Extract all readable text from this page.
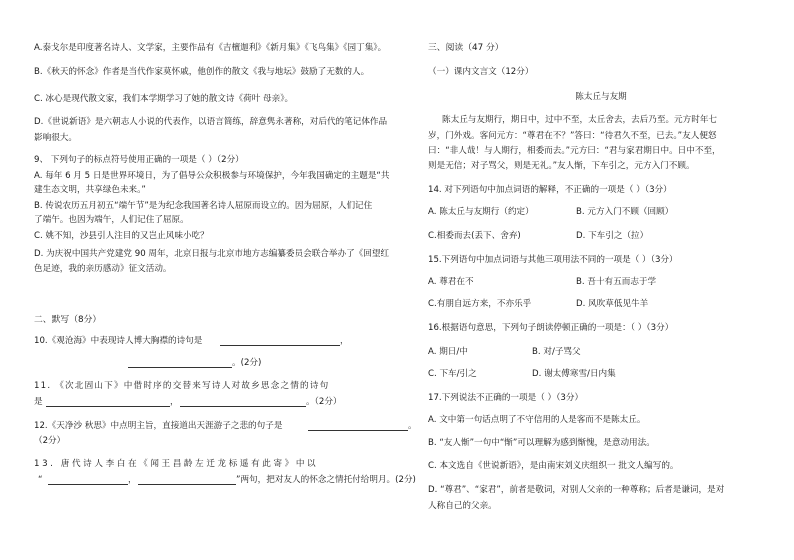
A.泰戈尔是印度著名诗人、文学家，主要作品有《吉檀迦利》《新月集》《飞鸟集》《园丁集》。
B.《秋天的怀念》作者是当代作家莫怀戚，他创作的散文《我与地坛》鼓励了无数的人。
C. 冰心是现代散文家，我们本学期学习了她的散文诗《荷叶 母亲》。
D.《世说新语》是六朝志人小说的代表作，以语言简练，辞意隽永著称，对后代的笔记体作品
影响很大。
9、 下列句子的标点符号使用正确的一项是（ ）（2分）
A. 每年 6 月 5 日是世界环境日，为了倡导公众积极参与环境保护，今年我国确定的主题是“共
建生态文明，共享绿色未来。”
B. 传说农历五月初五“端午节”是为纪念我国著名诗人屈原而设立的。因为屈原，人们记住
了端午。也因为端午，人们记住了屈原。
C. 姚不知，沙县引人注目的又岂止风味小吃？
D. 为庆祝中国共产党建党 90 周年，北京日报与北京市地方志编纂委员会联合举办了《回望红
色足迹，我的亲历感动》征文活动。
二、默写（8分）
10.《观沧海》中表现诗人博大胸襟的诗句是	，
。(2分)
11. 《次北固山下》中借时序的交替来写诗人对故乡思念之情的诗句
是	，	。（2分）
12.《天净沙 秋思》中点明主旨，直接道出天涯游子之悲的句子是	。
（2分）
13. 唐代诗人李白在《闻王昌龄左迁龙标遥有此寄》中以
“	，	”两句，把对友人的怀念之情托付给明月。(2分)
三、阅读（47 分）
（一）课内文言文（12分）
陈太丘与友期
陈太丘与友期行，期日中，过中不至，太丘舍去，去后乃至。元方时年七
岁，门外戏。客问元方：“尊君在不？”答曰：“待君久不至，已去。”友人便怒
曰：“非人哉！与人期行，相委而去。”元方曰：“君与家君期日中。日中不至，
则是无信；对子骂父，则是无礼。”友人惭，下车引之，元方入门不顾。
14. 对下列语句中加点词语的解释，不正确的一项是（ ）（3分）
A. 陈太丘与友期行（约定）	B. 元方入门不顾（回顾）
C.相委而去(丢下、舍弃)	D. 下车引之（拉）
15.下列语句中加点词语与其他三项用法不同的一项是（ ）（3分）
A. 尊君在不	B. 吾十有五而志于学
C.有朋自远方来，不亦乐乎	D. 风吹草低见牛羊
16.根据语句意思，下列句子朗读停顿正确的一项是：（ ）（3分）
A. 期日/中	B. 对/子骂父
C. 下车/引之	D. 谢太傅寒雪/日内集
17.下列说法不正确的一项是（ ）（3分）
A. 文中第一句话点明了不守信用的人是客而不是陈太丘。
B. “友人惭”一句中“惭”可以理解为感到惭愧，是意动用法。
C. 本文选自《世说新语》，是由南宋刘义庆组织一 批文人编写的。
D. “尊君”、“家君”，前者是敬词，对别人父亲的一种尊称；后者是谦词，是对
人称自己的父亲。
